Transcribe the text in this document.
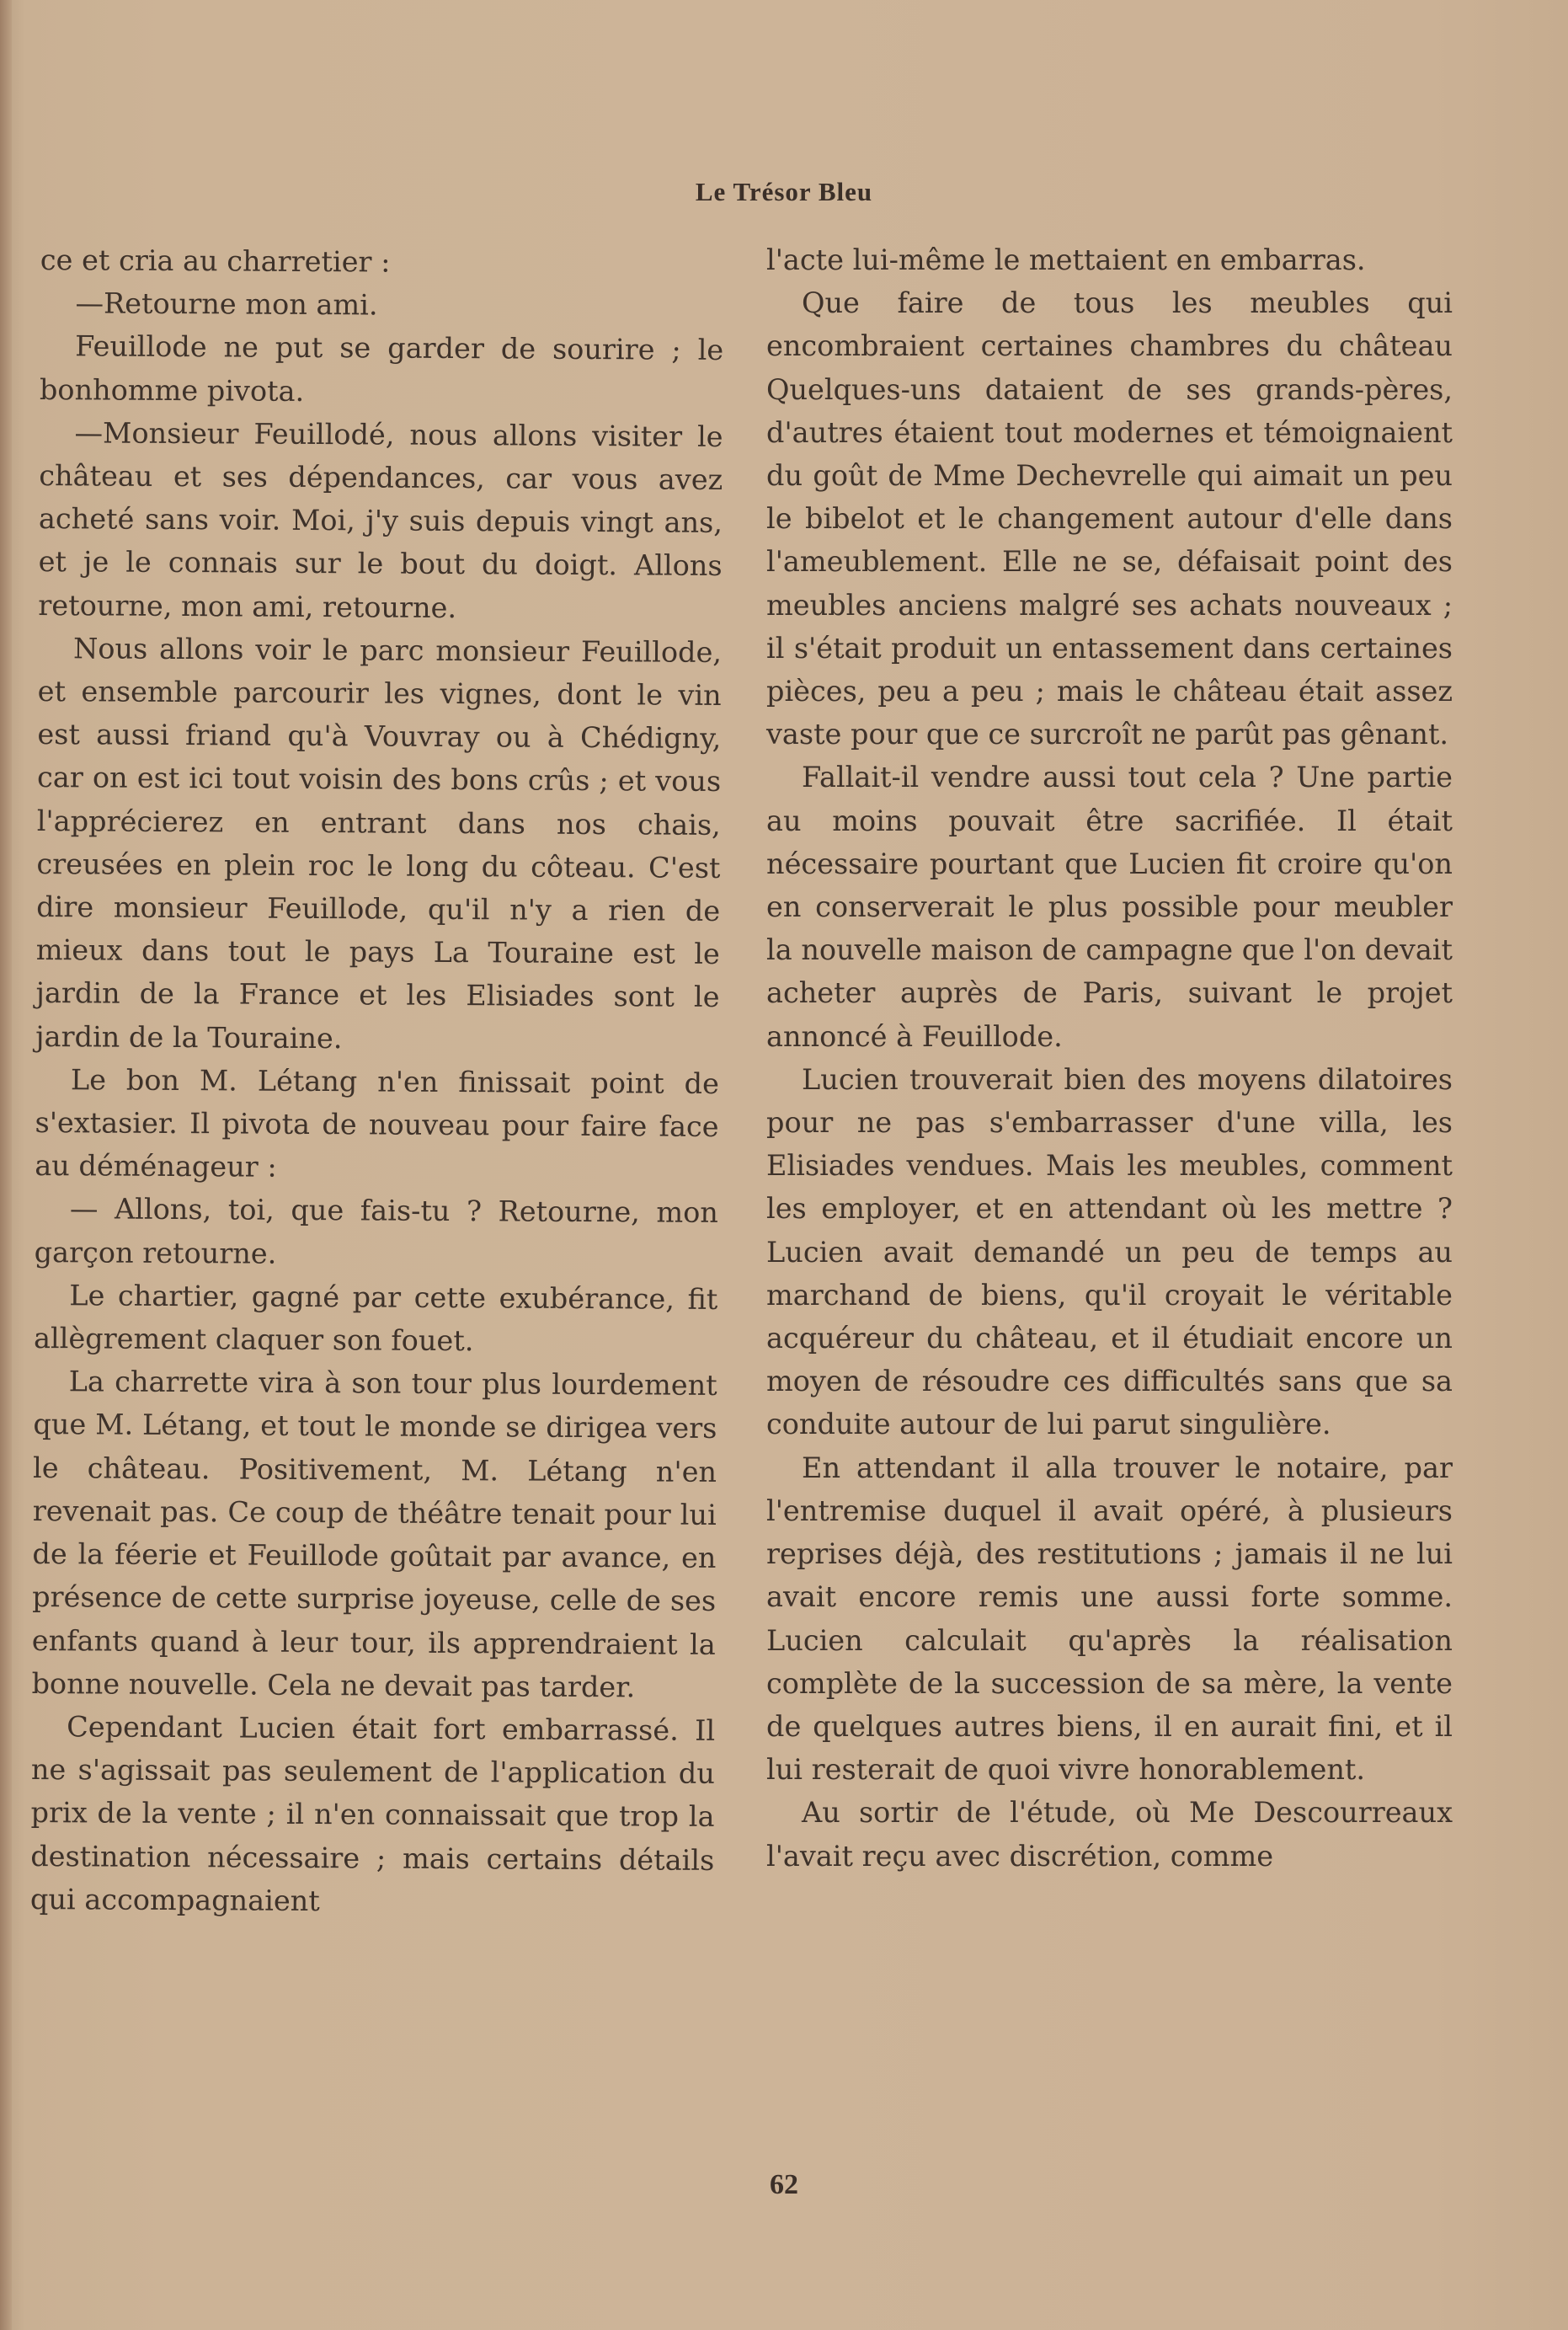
Le Trésor Bleu

ce et cria au charretier :

—Retourne mon ami.

Feuillode ne put se garder de sourire ; le bonhomme pivota.

—Monsieur Feuillodé, nous allons visiter le château et ses dépendances, car vous avez acheté sans voir. Moi, j'y suis depuis vingt ans, et je le connais sur le bout du doigt. Allons retourne, mon ami, retourne.

Nous allons voir le parc monsieur Feuillode, et ensemble parcourir les vignes, dont le vin est aussi friand qu'à Vouvray ou à Chédigny, car on est ici tout voisin des bons crûs ; et vous l'apprécierez en entrant dans nos chais, creusées en plein roc le long du côteau. C'est dire monsieur Feuillode, qu'il n'y a rien de mieux dans tout le pays La Touraine est le jardin de la France et les Elisiades sont le jardin de la Touraine.

Le bon M. Létang n'en finissait point de s'extasier. Il pivota de nouveau pour faire face au déménageur :

— Allons, toi, que fais-tu ? Retourne, mon garçon retourne.

Le chartier, gagné par cette exubérance, fit allègrement claquer son fouet.

La charrette vira à son tour plus lourdement que M. Létang, et tout le monde se dirigea vers le château. Positivement, M. Létang n'en revenait pas. Ce coup de théâtre tenait pour lui de la féerie et Feuillode goûtait par avance, en présence de cette surprise joyeuse, celle de ses enfants quand à leur tour, ils apprendraient la bonne nouvelle. Cela ne devait pas tarder.

Cependant Lucien était fort embarrassé. Il ne s'agissait pas seulement de l'application du prix de la vente ; il n'en connaissait que trop la destination nécessaire ; mais certains détails qui accompagnaient

l'acte lui-même le mettaient en embarras.

Que faire de tous les meubles qui encombraient certaines chambres du château Quelques-uns dataient de ses grands-pères, d'autres étaient tout modernes et témoignaient du goût de Mme Dechevrelle qui aimait un peu le bibelot et le changement autour d'elle dans l'ameublement. Elle ne se, défaisait point des meubles anciens malgré ses achats nouveaux ; il s'était produit un entassement dans certaines pièces, peu a peu ; mais le château était assez vaste pour que ce surcroît ne parût pas gênant.

Fallait-il vendre aussi tout cela ? Une partie au moins pouvait être sacrifiée. Il était nécessaire pourtant que Lucien fit croire qu'on en conserverait le plus possible pour meubler la nouvelle maison de campagne que l'on devait acheter auprès de Paris, suivant le projet annoncé à Feuillode.

Lucien trouverait bien des moyens dilatoires pour ne pas s'embarrasser d'une villa, les Elisiades vendues. Mais les meubles, comment les employer, et en attendant où les mettre ? Lucien avait demandé un peu de temps au marchand de biens, qu'il croyait le véritable acquéreur du château, et il étudiait encore un moyen de résoudre ces difficultés sans que sa conduite autour de lui parut singulière.

En attendant il alla trouver le notaire, par l'entremise duquel il avait opéré, à plusieurs reprises déjà, des restitutions ; jamais il ne lui avait encore remis une aussi forte somme. Lucien calculait qu'après la réalisation complète de la succession de sa mère, la vente de quelques autres biens, il en aurait fini, et il lui resterait de quoi vivre honorablement.

Au sortir de l'étude, où Me Descourreaux l'avait reçu avec discrétion, comme

62
